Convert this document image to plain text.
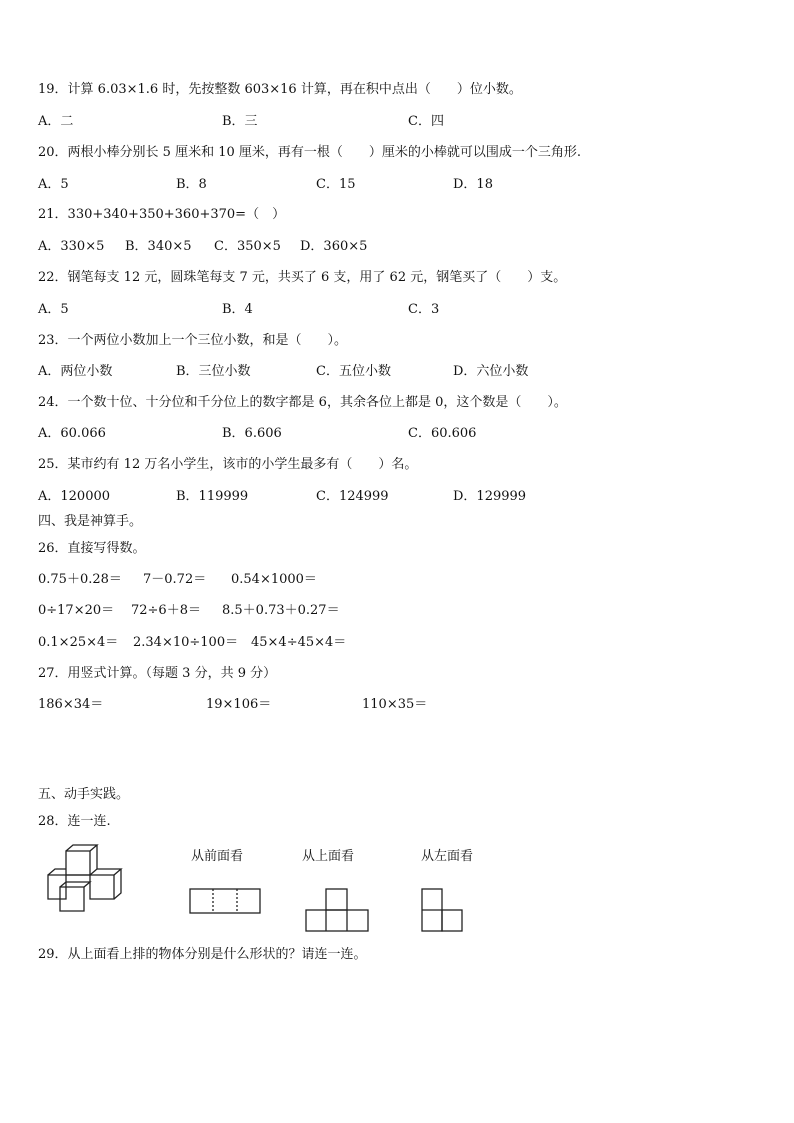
19．计算 6.03×1.6 时，先按整数 603×16 计算，再在积中点出（　　）位小数。
A．二	B．三	C．四
20．两根小棒分别长 5 厘米和 10 厘米，再有一根（　　）厘米的小棒就可以围成一个三角形.
A．5	B．8	C．15	D．18
21．330+340+350+360+370=（　）
A．330×5 B．340×5 C．350×5 D．360×5
22．钢笔每支 12 元，圆珠笔每支 7 元，共买了 6 支，用了 62 元，钢笔买了（　　）支。
A．5	B．4	C．3
23．一个两位小数加上一个三位小数，和是（　　）。
A．两位小数	B．三位小数	C．五位小数	D．六位小数
24．一个数十位、十分位和千分位上的数字都是 6，其余各位上都是 0，这个数是（　　）。
A．60.066	B．6.606	C．60.606
25．某市约有 12 万名小学生，该市的小学生最多有（　　）名。
A．120000	B．119999	C．124999	D．129999
四、我是神算手。
26．直接写得数。
0.75＋0.28＝ 7－0.72＝ 0.54×1000＝
0÷17×20＝ 72÷6＋8＝ 8.5＋0.73＋0.27＝
0.1×25×4＝ 2.34×10÷100＝ 45×4÷45×4＝
27．用竖式计算。（每题 3 分，共 9 分）
186×34＝	19×106＝	110×35＝
五、动手实践。
28．连一连.
从前面看	从上面看	从左面看
29．从上面看上排的物体分别是什么形状的？请连一连。
